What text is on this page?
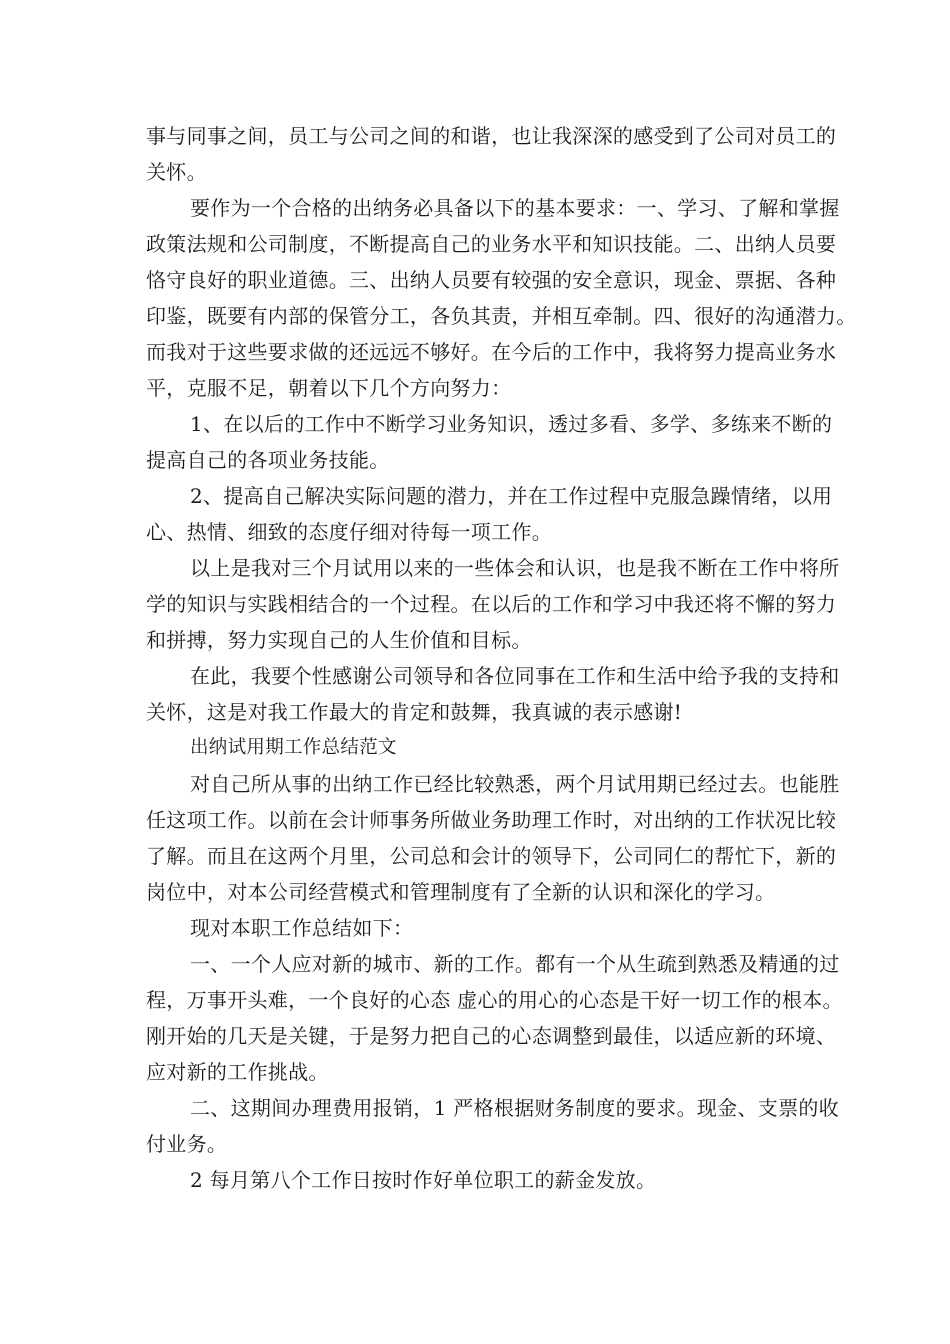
事与同事之间，员工与公司之间的和谐，也让我深深的感受到了公司对员工的
关怀。
要作为一个合格的出纳务必具备以下的基本要求：一、学习、了解和掌握
政策法规和公司制度，不断提高自己的业务水平和知识技能。二、出纳人员要
恪守良好的职业道德。三、出纳人员要有较强的安全意识，现金、票据、各种
印鉴，既要有内部的保管分工，各负其责，并相互牵制。四、很好的沟通潜力。
而我对于这些要求做的还远远不够好。在今后的工作中，我将努力提高业务水
平，克服不足，朝着以下几个方向努力：
1、在以后的工作中不断学习业务知识，透过多看、多学、多练来不断的
提高自己的各项业务技能。
2、提高自己解决实际问题的潜力，并在工作过程中克服急躁情绪，以用
心、热情、细致的态度仔细对待每一项工作。
以上是我对三个月试用以来的一些体会和认识，也是我不断在工作中将所
学的知识与实践相结合的一个过程。在以后的工作和学习中我还将不懈的努力
和拼搏，努力实现自己的人生价值和目标。
在此，我要个性感谢公司领导和各位同事在工作和生活中给予我的支持和
关怀，这是对我工作最大的肯定和鼓舞，我真诚的表示感谢!
出纳试用期工作总结范文
对自己所从事的出纳工作已经比较熟悉，两个月试用期已经过去。也能胜
任这项工作。以前在会计师事务所做业务助理工作时，对出纳的工作状况比较
了解。而且在这两个月里，公司总和会计的领导下，公司同仁的帮忙下，新的
岗位中，对本公司经营模式和管理制度有了全新的认识和深化的学习。
现对本职工作总结如下：
一、一个人应对新的城市、新的工作。都有一个从生疏到熟悉及精通的过
程，万事开头难，一个良好的心态 虚心的用心的心态是干好一切工作的根本。
刚开始的几天是关键，于是努力把自己的心态调整到最佳，以适应新的环境、
应对新的工作挑战。
二、这期间办理费用报销，1 严格根据财务制度的要求。现金、支票的收
付业务。
2 每月第八个工作日按时作好单位职工的薪金发放。
